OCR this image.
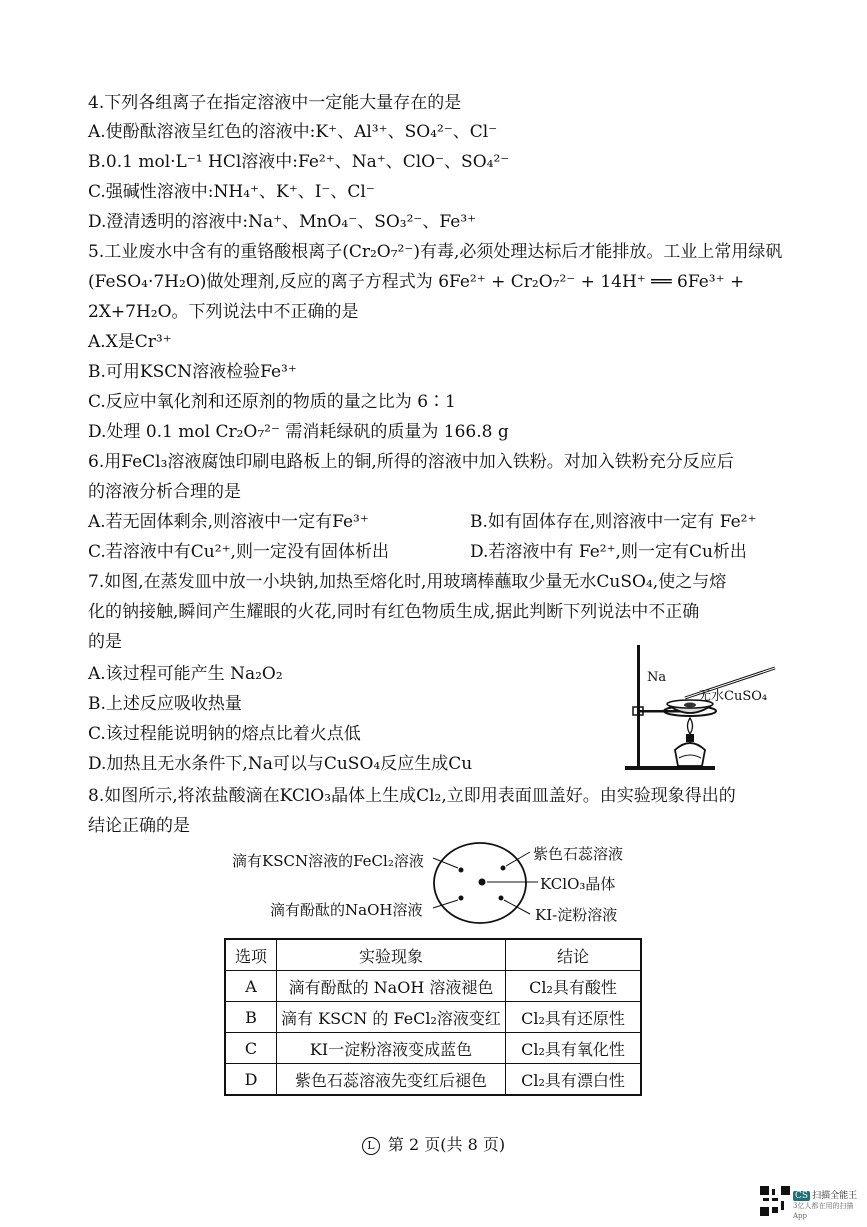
4.下列各组离子在指定溶液中一定能大量存在的是
A.使酚酞溶液呈红色的溶液中:K⁺、Al³⁺、SO₄²⁻、Cl⁻
B.0.1 mol·L⁻¹ HCl溶液中:Fe²⁺、Na⁺、ClO⁻、SO₄²⁻
C.强碱性溶液中:NH₄⁺、K⁺、I⁻、Cl⁻
D.澄清透明的溶液中:Na⁺、MnO₄⁻、SO₃²⁻、Fe³⁺
5.工业废水中含有的重铬酸根离子(Cr₂O₇²⁻)有毒,必须处理达标后才能排放。工业上常用绿矾
(FeSO₄·7H₂O)做处理剂,反应的离子方程式为 6Fe²⁺ + Cr₂O₇²⁻ + 14H⁺ ══ 6Fe³⁺ +
2X+7H₂O。下列说法中不正确的是
A.X是Cr³⁺
B.可用KSCN溶液检验Fe³⁺
C.反应中氧化剂和还原剂的物质的量之比为 6∶1
D.处理 0.1 mol Cr₂O₇²⁻ 需消耗绿矾的质量为 166.8 g
6.用FeCl₃溶液腐蚀印刷电路板上的铜,所得的溶液中加入铁粉。对加入铁粉充分反应后
的溶液分析合理的是
A.若无固体剩余,则溶液中一定有Fe³⁺	B.如有固体存在,则溶液中一定有 Fe²⁺
C.若溶液中有Cu²⁺,则一定没有固体析出	D.若溶液中有 Fe²⁺,则一定有Cu析出
7.如图,在蒸发皿中放一小块钠,加热至熔化时,用玻璃棒蘸取少量无水CuSO₄,使之与熔
化的钠接触,瞬间产生耀眼的火花,同时有红色物质生成,据此判断下列说法中不正确
的是
A.该过程可能产生 Na₂O₂
B.上述反应吸收热量
C.该过程能说明钠的熔点比着火点低
D.加热且无水条件下,Na可以与CuSO₄反应生成Cu
Na
无水CuSO₄
8.如图所示,将浓盐酸滴在KClO₃晶体上生成Cl₂,立即用表面皿盖好。由实验现象得出的
结论正确的是
滴有KSCN溶液的FeCl₂溶液	紫色石蕊溶液
KClO₃晶体
滴有酚酞的NaOH溶液	KI-淀粉溶液
选项	实验现象	结论
A	滴有酚酞的 NaOH 溶液褪色	Cl₂具有酸性
B	滴有 KSCN 的 FeCl₂溶液变红	Cl₂具有还原性
C	KI一淀粉溶液变成蓝色	Cl₂具有氧化性
D	紫色石蕊溶液先变红后褪色	Cl₂具有漂白性
L 第 2 页(共 8 页)
CS 扫描全能王
3亿人都在用的扫描App
